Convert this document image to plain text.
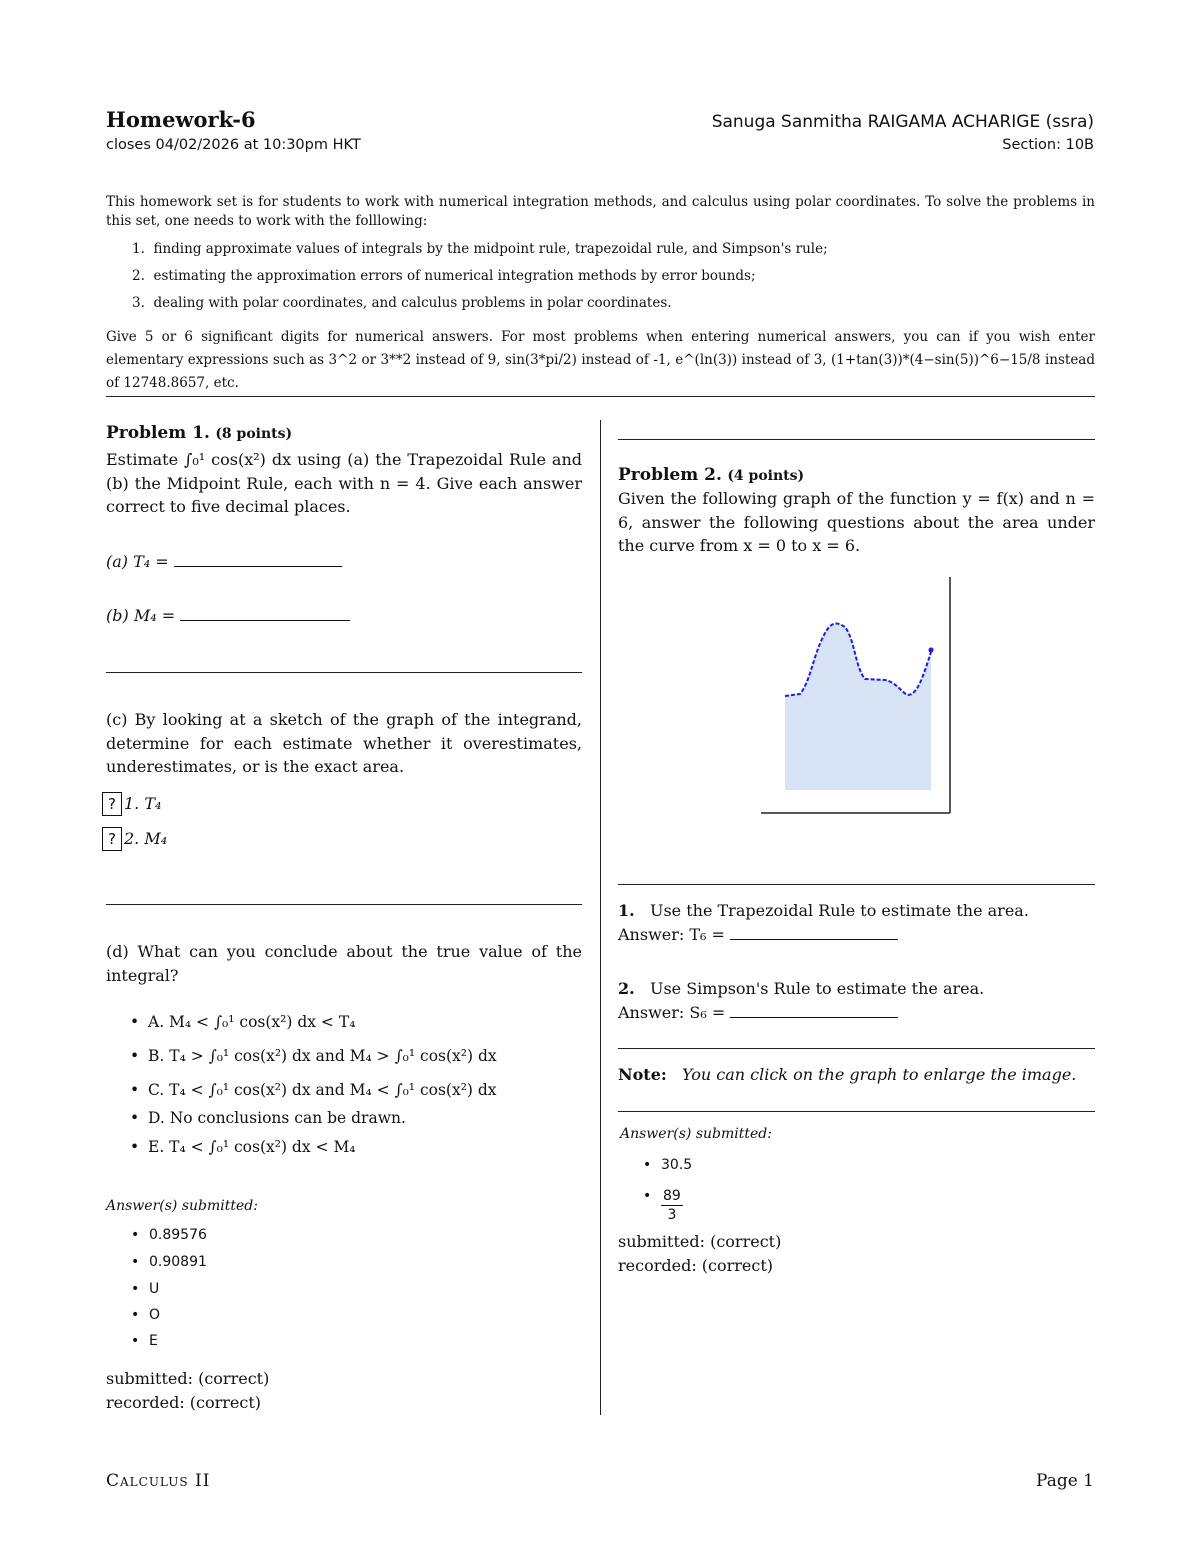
Homework-6
closes 04/02/2026 at 10:30pm HKT
Sanuga Sanmitha RAIGAMA ACHARIGE (ssra)
Section: 10B
This homework set is for students to work with numerical integration methods, and calculus using polar coordinates. To solve the problems in this set, one needs to work with the folllowing:
1.  finding approximate values of integrals by the midpoint rule, trapezoidal rule, and Simpson's rule;
2.  estimating the approximation errors of numerical integration methods by error bounds;
3.  dealing with polar coordinates, and calculus problems in polar coordinates.
Give 5 or 6 significant digits for numerical answers. For most problems when entering numerical answers, you can if you wish enter elementary expressions such as 3^2 or 3**2 instead of 9, sin(3*pi/2) instead of -1, e^(ln(3)) instead of 3, (1+tan(3))*(4−sin(5))^6−15/8 instead of 12748.8657, etc.
Problem 1. (8 points)
Estimate ∫₀¹ cos(x²) dx using (a) the Trapezoidal Rule and (b) the Midpoint Rule, each with n = 4. Give each answer correct to five decimal places.
(a) T₄ =
(b) M₄ =
(c) By looking at a sketch of the graph of the integrand, determine for each estimate whether it overestimates, underestimates, or is the exact area.
? 1. T₄
? 2. M₄
(d) What can you conclude about the true value of the integral?
• A. M₄ < ∫₀¹ cos(x²) dx < T₄
• B. T₄ > ∫₀¹ cos(x²) dx and M₄ > ∫₀¹ cos(x²) dx
• C. T₄ < ∫₀¹ cos(x²) dx and M₄ < ∫₀¹ cos(x²) dx
• D. No conclusions can be drawn.
• E. T₄ < ∫₀¹ cos(x²) dx < M₄
Answer(s) submitted:
• 0.89576
• 0.90891
• U
• O
• E
submitted: (correct)
recorded: (correct)
Problem 2. (4 points)
Given the following graph of the function y = f(x) and n = 6, answer the following questions about the area under the curve from x = 0 to x = 6.
1. Use the Trapezoidal Rule to estimate the area.
Answer: T₆ =
2. Use Simpson's Rule to estimate the area.
Answer: S₆ =
Note: You can click on the graph to enlarge the image.
Answer(s) submitted:
• 30.5
• $\frac{89}{3}$
submitted: (correct)
recorded: (correct)
Calculus II	Page 1
